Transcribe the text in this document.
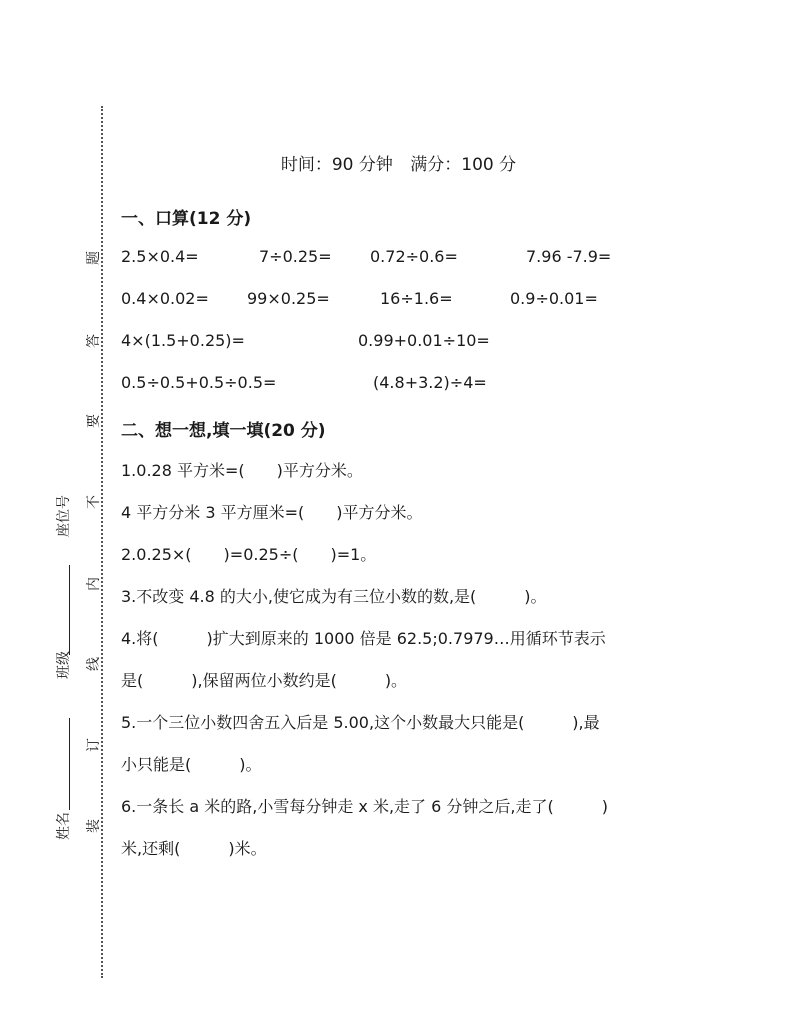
题
答
要
不
内
线
订
装
座位号
班级
姓名
时间：90 分钟 满分：100 分
一、口算(12 分)
2.5×0.4=	7÷0.25= 0.72÷0.6=	7.96 -7.9=
0.4×0.02= 99×0.25=	16÷1.6=	0.9÷0.01=
4×(1.5+0.25)=	0.99+0.01÷10=
0.5÷0.5+0.5÷0.5=	(4.8+3.2)÷4=
二、想一想,填一填(20 分)
1.0.28 平方米=(　　)平方分米。
4 平方分米 3 平方厘米=(　　)平方分米。
2.0.25×(　　)=0.25÷(　　)=1。
3.不改变 4.8 的大小,使它成为有三位小数的数,是(　　　)。
4.将(　　　)扩大到原来的 1000 倍是 62.5;0.7979…用循环节表示
是(　　　),保留两位小数约是(　　　)。
5.一个三位小数四舍五入后是 5.00,这个小数最大只能是(　　　),最
小只能是(　　　)。
6.一条长 a 米的路,小雪每分钟走 x 米,走了 6 分钟之后,走了(　　　)
米,还剩(　　　)米。
